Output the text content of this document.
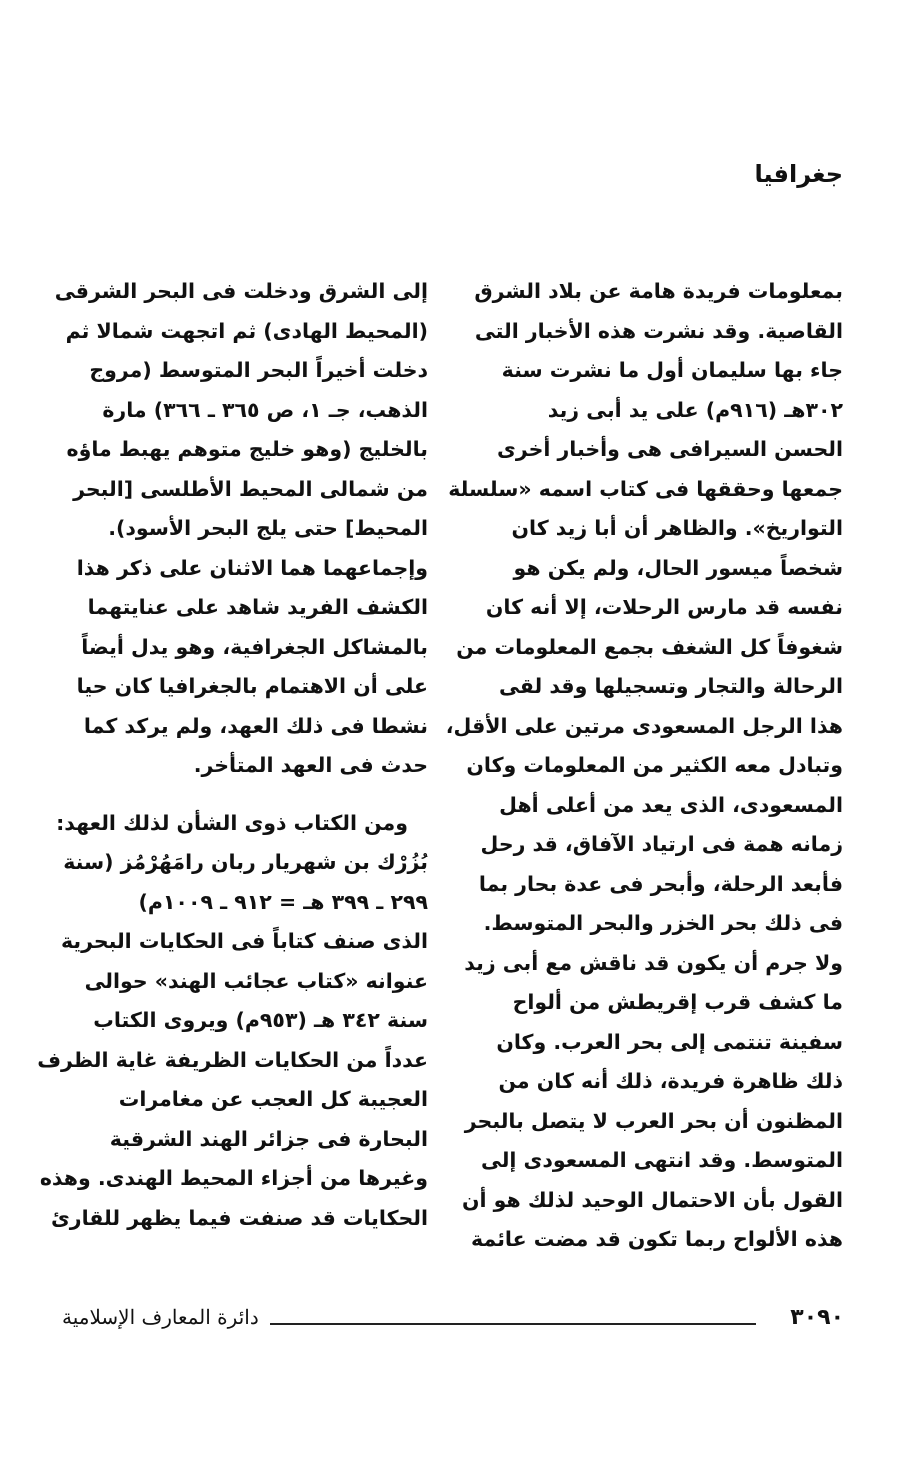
جغرافيا
بمعلومات فريدة هامة عن بلاد الشرق
القاصية. وقد نشرت هذه الأخبار التى
جاء بها سليمان أول ما نشرت سنة
٣٠٢هـ (٩١٦م) على يد أبى زيد
الحسن السيرافى هى وأخبار أخرى
جمعها وحققها فى كتاب اسمه «سلسلة
التواريخ». والظاهر أن أبا زيد كان
شخصاً ميسور الحال، ولم يكن هو
نفسه قد مارس الرحلات، إلا أنه كان
شغوفاً كل الشغف بجمع المعلومات من
الرحالة والتجار وتسجيلها وقد لقى
هذا الرجل المسعودى مرتين على الأقل،
وتبادل معه الكثير من المعلومات وكان
المسعودى، الذى يعد من أعلى أهل
زمانه همة فى ارتياد الآفاق، قد رحل
فأبعد الرحلة، وأبحر فى عدة بحار بما
فى ذلك بحر الخزر والبحر المتوسط.
ولا جرم أن يكون قد ناقش مع أبى زيد
ما كشف قرب إقريطش من ألواح
سفينة تنتمى إلى بحر العرب. وكان
ذلك ظاهرة فريدة، ذلك أنه كان من
المظنون أن بحر العرب لا يتصل بالبحر
المتوسط. وقد انتهى المسعودى إلى
القول بأن الاحتمال الوحيد لذلك هو أن
هذه الألواح ربما تكون قد مضت عائمة
إلى الشرق ودخلت فى البحر الشرقى
(المحيط الهادى) ثم اتجهت شمالا ثم
دخلت أخيراً البحر المتوسط (مروج
الذهب، جـ ١، ص ٣٦٥ ـ ٣٦٦) مارة
بالخليج (وهو خليج متوهم يهبط ماؤه
من شمالى المحيط الأطلسى [البحر
المحيط] حتى يلج البحر الأسود).
وإجماعهما هما الاثنان على ذكر هذا
الكشف الفريد شاهد على عنايتهما
بالمشاكل الجغرافية، وهو يدل أيضاً
على أن الاهتمام بالجغرافيا كان حيا
نشطا فى ذلك العهد، ولم يركد كما
حدث فى العهد المتأخر.
ومن الكتاب ذوى الشأن لذلك العهد:
بُزُرْك بن شهريار ربان رامَهُرْمُز (سنة
٢٩٩ ـ ٣٩٩ هـ = ٩١٢ ـ ١٠٠٩م)
الذى صنف كتاباً فى الحكايات البحرية
عنوانه «كتاب عجائب الهند» حوالى
سنة ٣٤٢ هـ (٩٥٣م) ويروى الكتاب
عدداً من الحكايات الظريفة غاية الظرف
العجيبة كل العجب عن مغامرات
البحارة فى جزائر الهند الشرقية
وغيرها من أجزاء المحيط الهندى. وهذه
الحكايات قد صنفت فيما يظهر للقارئ
دائرة المعارف الإسلامية	٣٠٩٠
